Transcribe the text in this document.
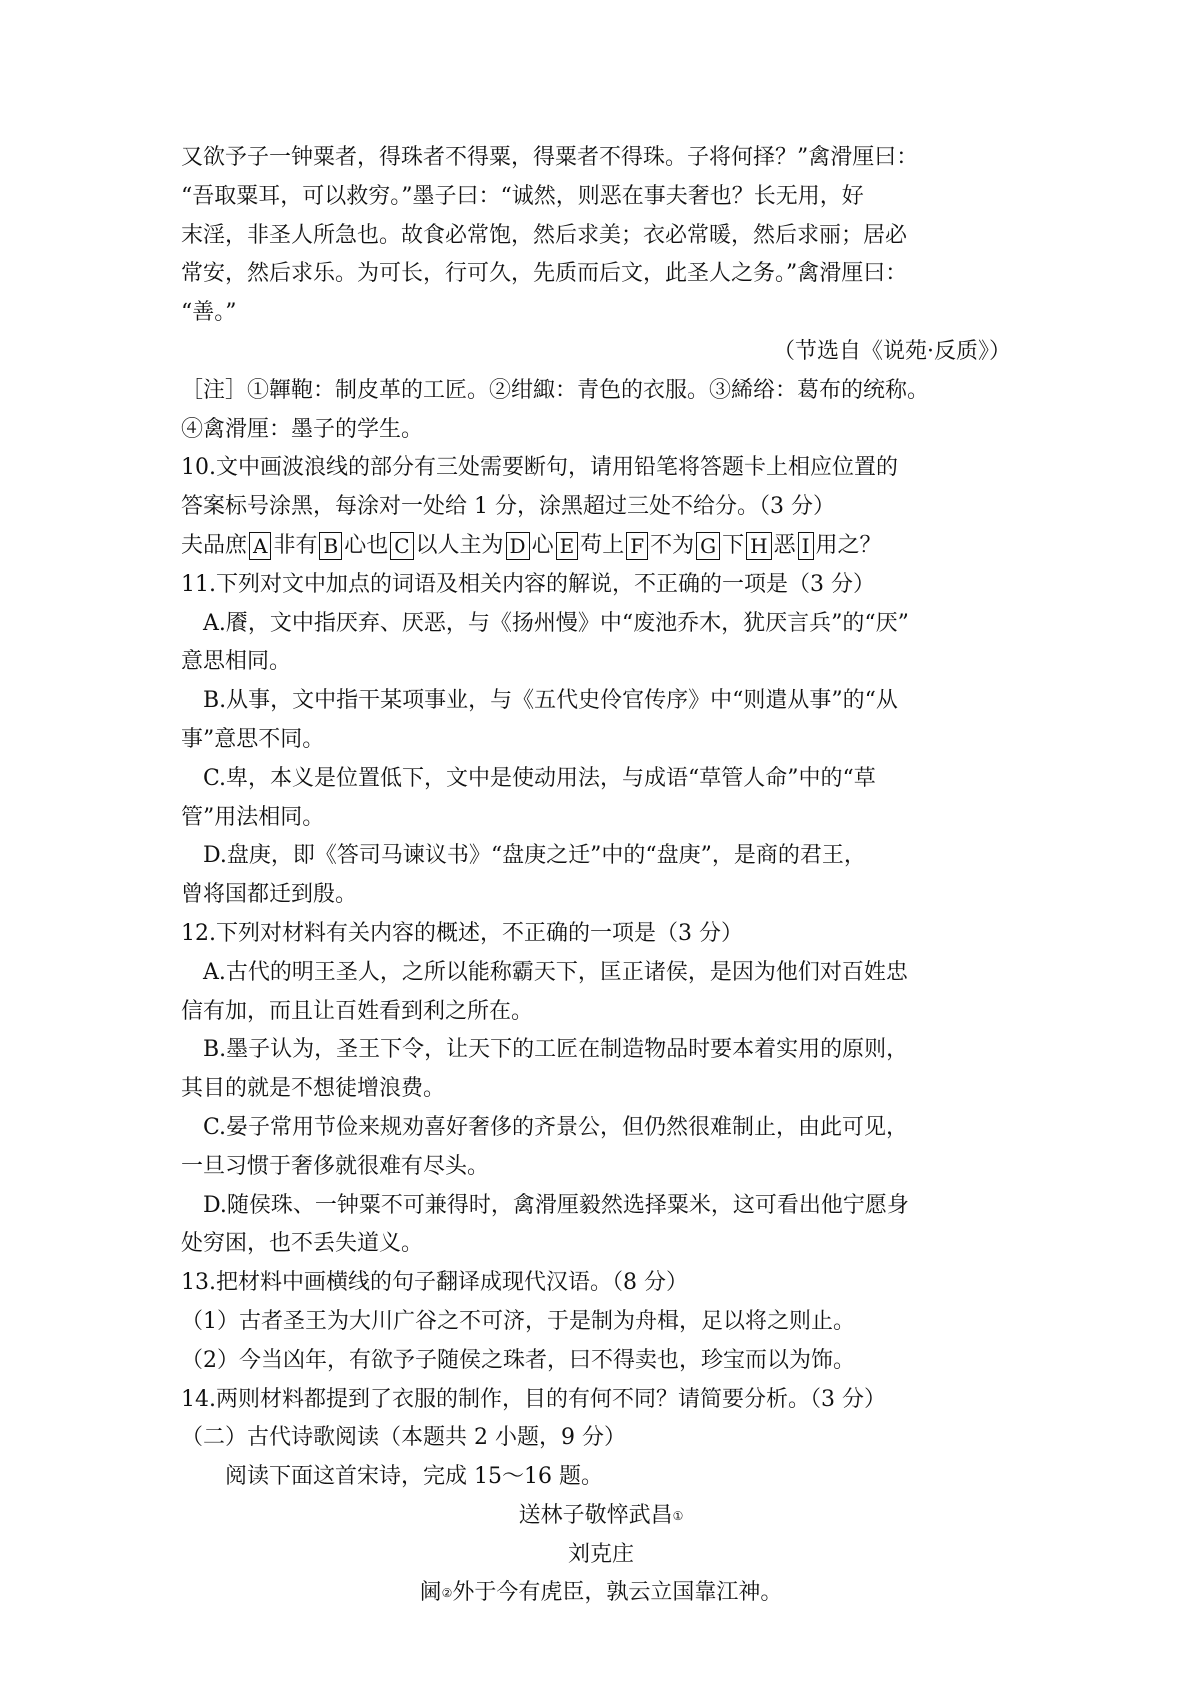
又欲予子一钟粟者，得珠者不得粟，得粟者不得珠。子将何择？”禽滑厘曰：

“吾取粟耳，可以救穷。”墨子曰：“诚然，则恶在事夫奢也？长无用，好

末淫，非圣人所急也。故食必常饱，然后求美；衣必常暖，然后求丽；居必

常安，然后求乐。为可长，行可久，先质而后文，此圣人之务。”禽滑厘曰：

“善。”

（节选自《说苑·反质》）

［注］①韗鞄：制皮革的工匠。②绀緅：青色的衣服。③絺绤：葛布的统称。

④禽滑厘：墨子的学生。

10.文中画波浪线的部分有三处需要断句，请用铅笔将答题卡上相应位置的

答案标号涂黑，每涂对一处给 1 分，涂黑超过三处不给分。（3 分）

夫品庶 A 非有 B 心也 C 以人主为 D 心 E 苟上 F 不为 G 下 H 恶 I 用之？

11.下列对文中加点的词语及相关内容的解说，不正确的一项是（3 分）

A.餍，文中指厌弃、厌恶，与《扬州慢》中“废池乔木，犹厌言兵”的“厌”

意思相同。

B.从事，文中指干某项事业，与《五代史伶官传序》中“则遣从事”的“从

事”意思不同。

C.卑，本义是位置低下，文中是使动用法，与成语“草管人命”中的“草

管”用法相同。

D.盘庚，即《答司马谏议书》“盘庚之迁”中的“盘庚”，是商的君王，

曾将国都迁到殷。

12.下列对材料有关内容的概述，不正确的一项是（3 分）

A.古代的明王圣人，之所以能称霸天下，匡正诸侯，是因为他们对百姓忠

信有加，而且让百姓看到利之所在。

B.墨子认为，圣王下令，让天下的工匠在制造物品时要本着实用的原则，

其目的就是不想徒增浪费。

C.晏子常用节俭来规劝喜好奢侈的齐景公，但仍然很难制止，由此可见，

一旦习惯于奢侈就很难有尽头。

D.随侯珠、一钟粟不可兼得时，禽滑厘毅然选择粟米，这可看出他宁愿身

处穷困，也不丢失道义。

13.把材料中画横线的句子翻译成现代汉语。（8 分）

（1）古者圣王为大川广谷之不可济，于是制为舟楫，足以将之则止。

（2）今当凶年，有欲予子随侯之珠者，曰不得卖也，珍宝而以为饰。

14.两则材料都提到了衣服的制作，目的有何不同？请简要分析。（3 分）

（二）古代诗歌阅读（本题共 2 小题，9 分）

阅读下面这首宋诗，完成 15～16 题。

送林子敬悴武昌①

刘克庄

阃②外于今有虎臣，孰云立国靠江神。
